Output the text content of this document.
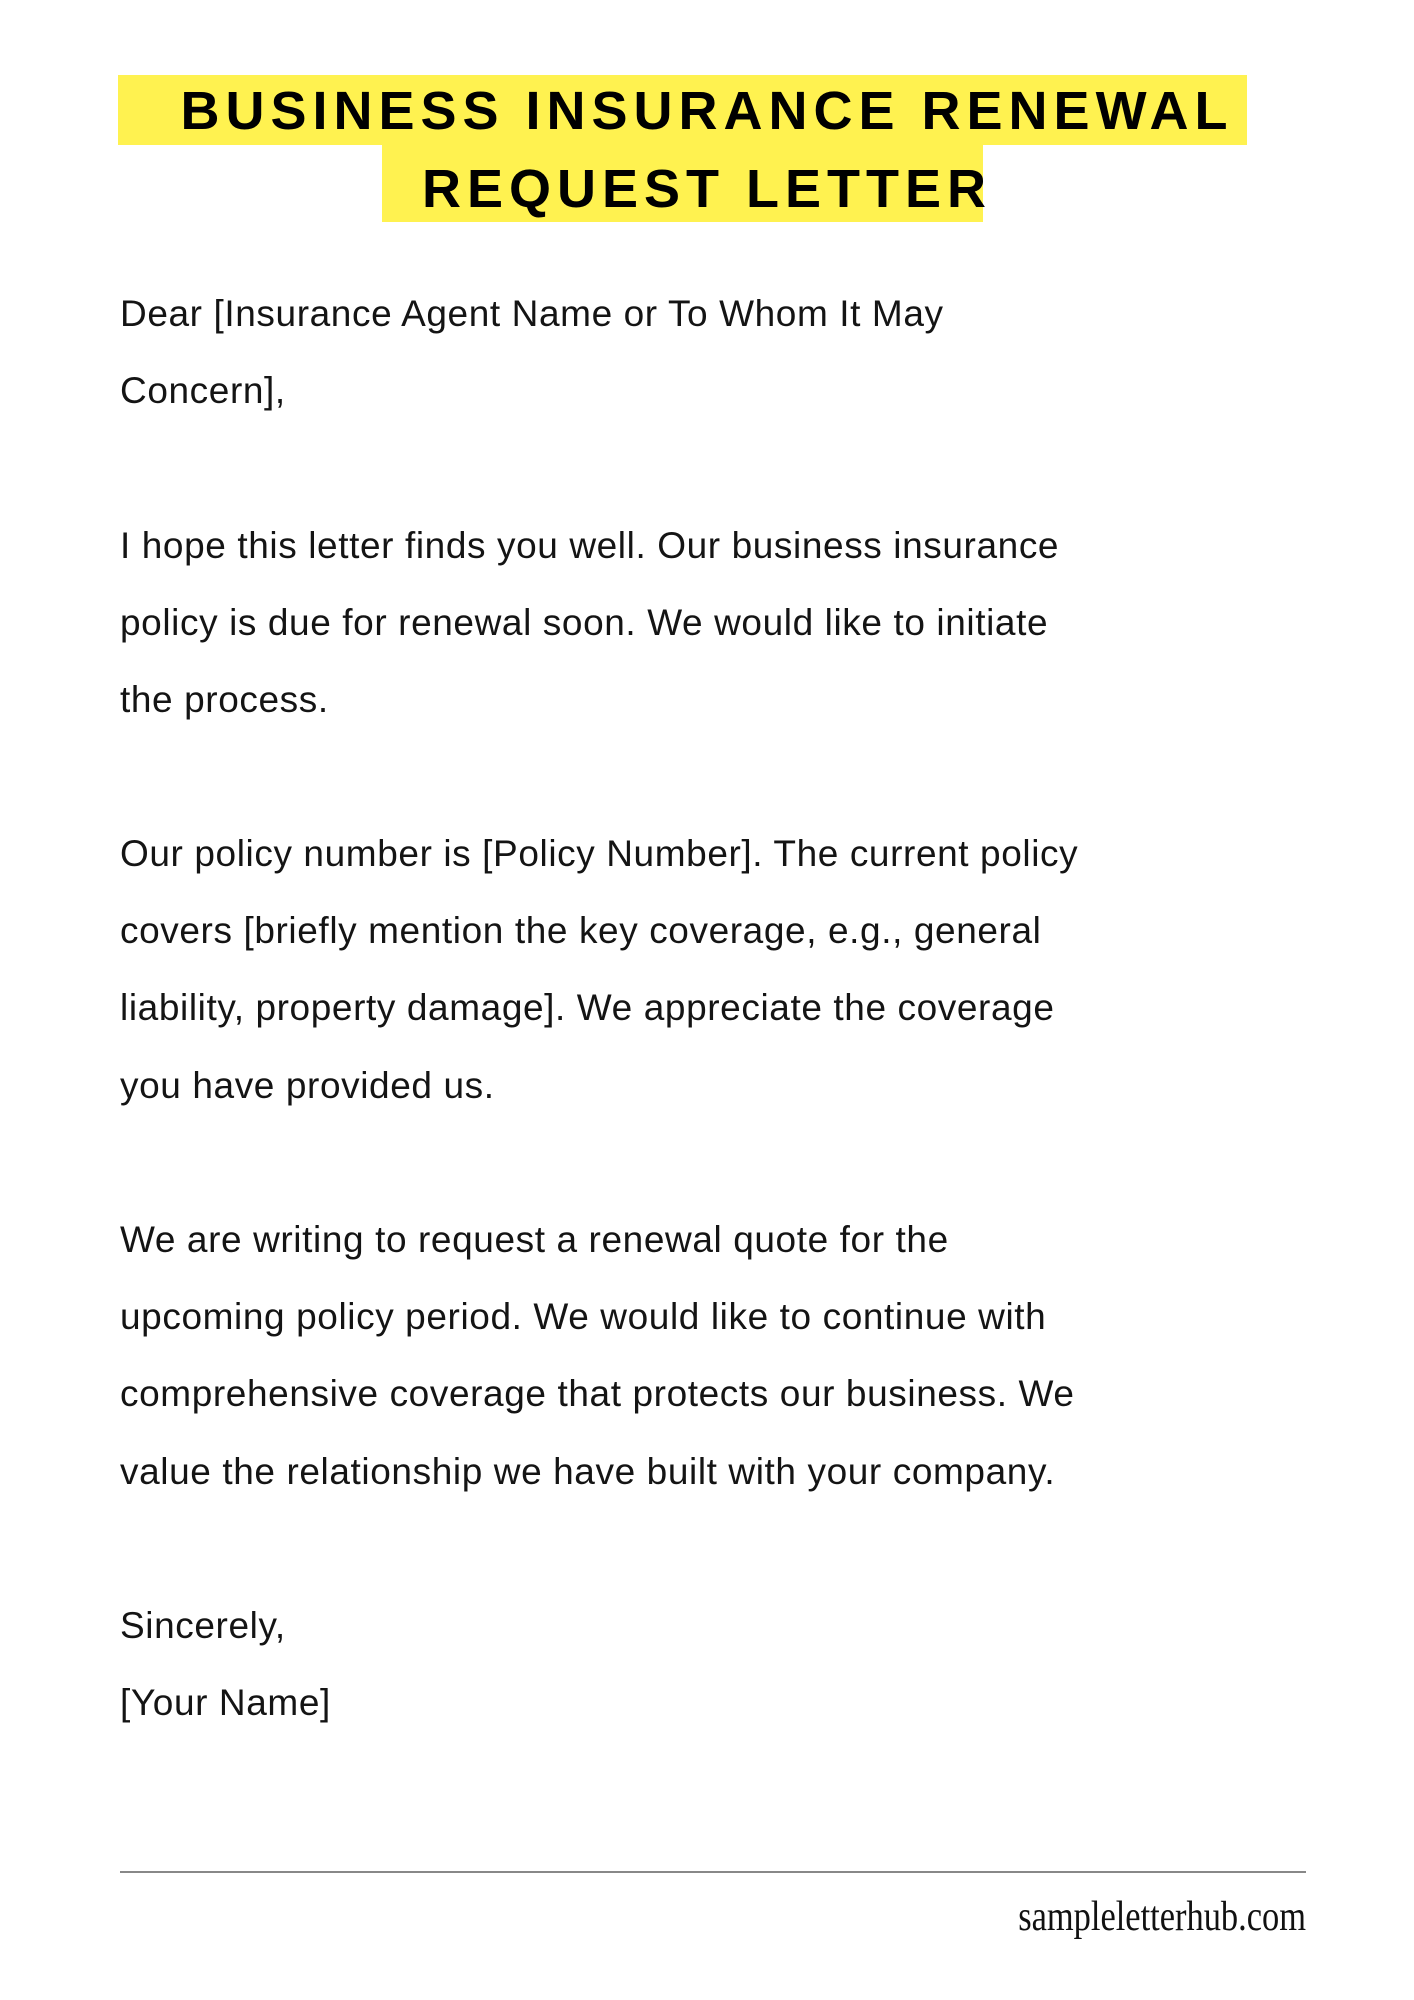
BUSINESS INSURANCE RENEWAL
REQUEST LETTER
Dear [Insurance Agent Name or To Whom It May
Concern],
I hope this letter finds you well. Our business insurance
policy is due for renewal soon. We would like to initiate
the process.
Our policy number is [Policy Number]. The current policy
covers [briefly mention the key coverage, e.g., general
liability, property damage]. We appreciate the coverage
you have provided us.
We are writing to request a renewal quote for the
upcoming policy period. We would like to continue with
comprehensive coverage that protects our business. We
value the relationship we have built with your company.
Sincerely,
[Your Name]
sampleletterhub.com
